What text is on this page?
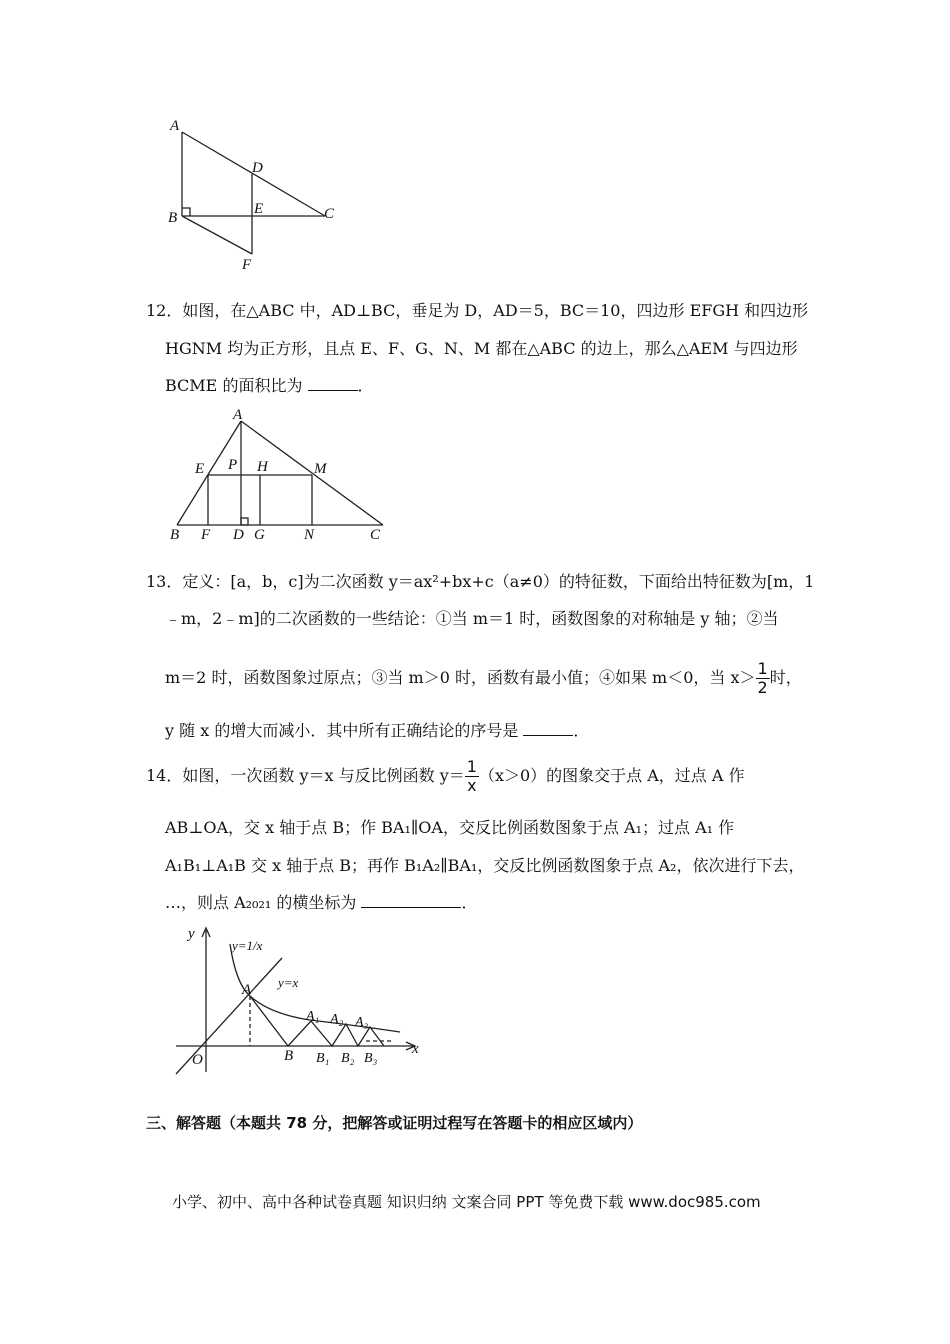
A
B	C
D
E
F
12．如图，在△ABC 中，AD⊥BC，垂足为 D，AD＝5，BC＝10，四边形 EFGH 和四边形
HGNM 均为正方形，且点 E、F、G、N、M 都在△ABC 的边上，那么△AEM 与四边形
BCME 的面积比为	．
A
E P H	M
B F D G	N	C
13．定义：[a，b，c]为二次函数 y＝ax²+bx+c（a≠0）的特征数，下面给出特征数为[m，1
﹣m，2﹣m]的二次函数的一些结论：①当 m＝1 时，函数图象的对称轴是 y 轴；②当
m＝2 时，函数图象过原点；③当 m＞0 时，函数有最小值；④如果 m＜0，当 $x> \frac{1}{2}$ 时，
y 随 x 的增大而减小．其中所有正确结论的序号是	．
14．如图，一次函数 y＝x 与反比例函数 $y= \frac{1}{x} (x>0)$的图象交于点 A，过点 A 作
AB⊥OA，交 x 轴于点 B；作 BA₁∥OA，交反比例函数图象于点 A₁；过点 A₁ 作
A₁B₁⊥A₁B 交 x 轴于点 B；再作 B₁A₂∥BA₁，交反比例函数图象于点 A₂，依次进行下去，
…，则点 A₂₀₂₁ 的横坐标为	．
y
x
O
y=1/x
y=x
A
A₁ A₂ A₃
B B₁ B₂ B₃
三、解答题（本题共 78 分，把解答或证明过程写在答题卡的相应区域内）
小学、初中、高中各种试卷真题 知识归纳 文案合同 PPT 等免费下载 www.doc985.com
